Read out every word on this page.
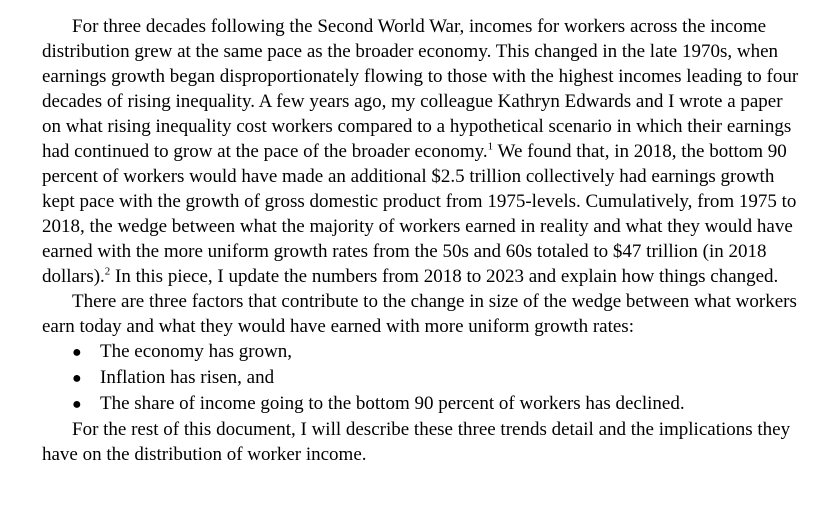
For three decades following the Second World War, incomes for workers across the income distribution grew at the same pace as the broader economy. This changed in the late 1970s, when earnings growth began disproportionately flowing to those with the highest incomes leading to four decades of rising inequality. A few years ago, my colleague Kathryn Edwards and I wrote a paper on what rising inequality cost workers compared to a hypothetical scenario in which their earnings had continued to grow at the pace of the broader economy.$^1$ We found that, in 2018, the bottom 90 percent of workers would have made an additional $2.5 trillion collectively had earnings growth kept pace with the growth of gross domestic product from 1975-levels. Cumulatively, from 1975 to 2018, the wedge between what the majority of workers earned in reality and what they would have earned with the more uniform growth rates from the 50s and 60s totaled to $47 trillion (in 2018 dollars).$^2$ In this piece, I update the numbers from 2018 to 2023 and explain how things changed.

There are three factors that contribute to the change in size of the wedge between what workers earn today and what they would have earned with more uniform growth rates:

● The economy has grown,
● Inflation has risen, and
● The share of income going to the bottom 90 percent of workers has declined.

For the rest of this document, I will describe these three trends detail and the implications they have on the distribution of worker income.
